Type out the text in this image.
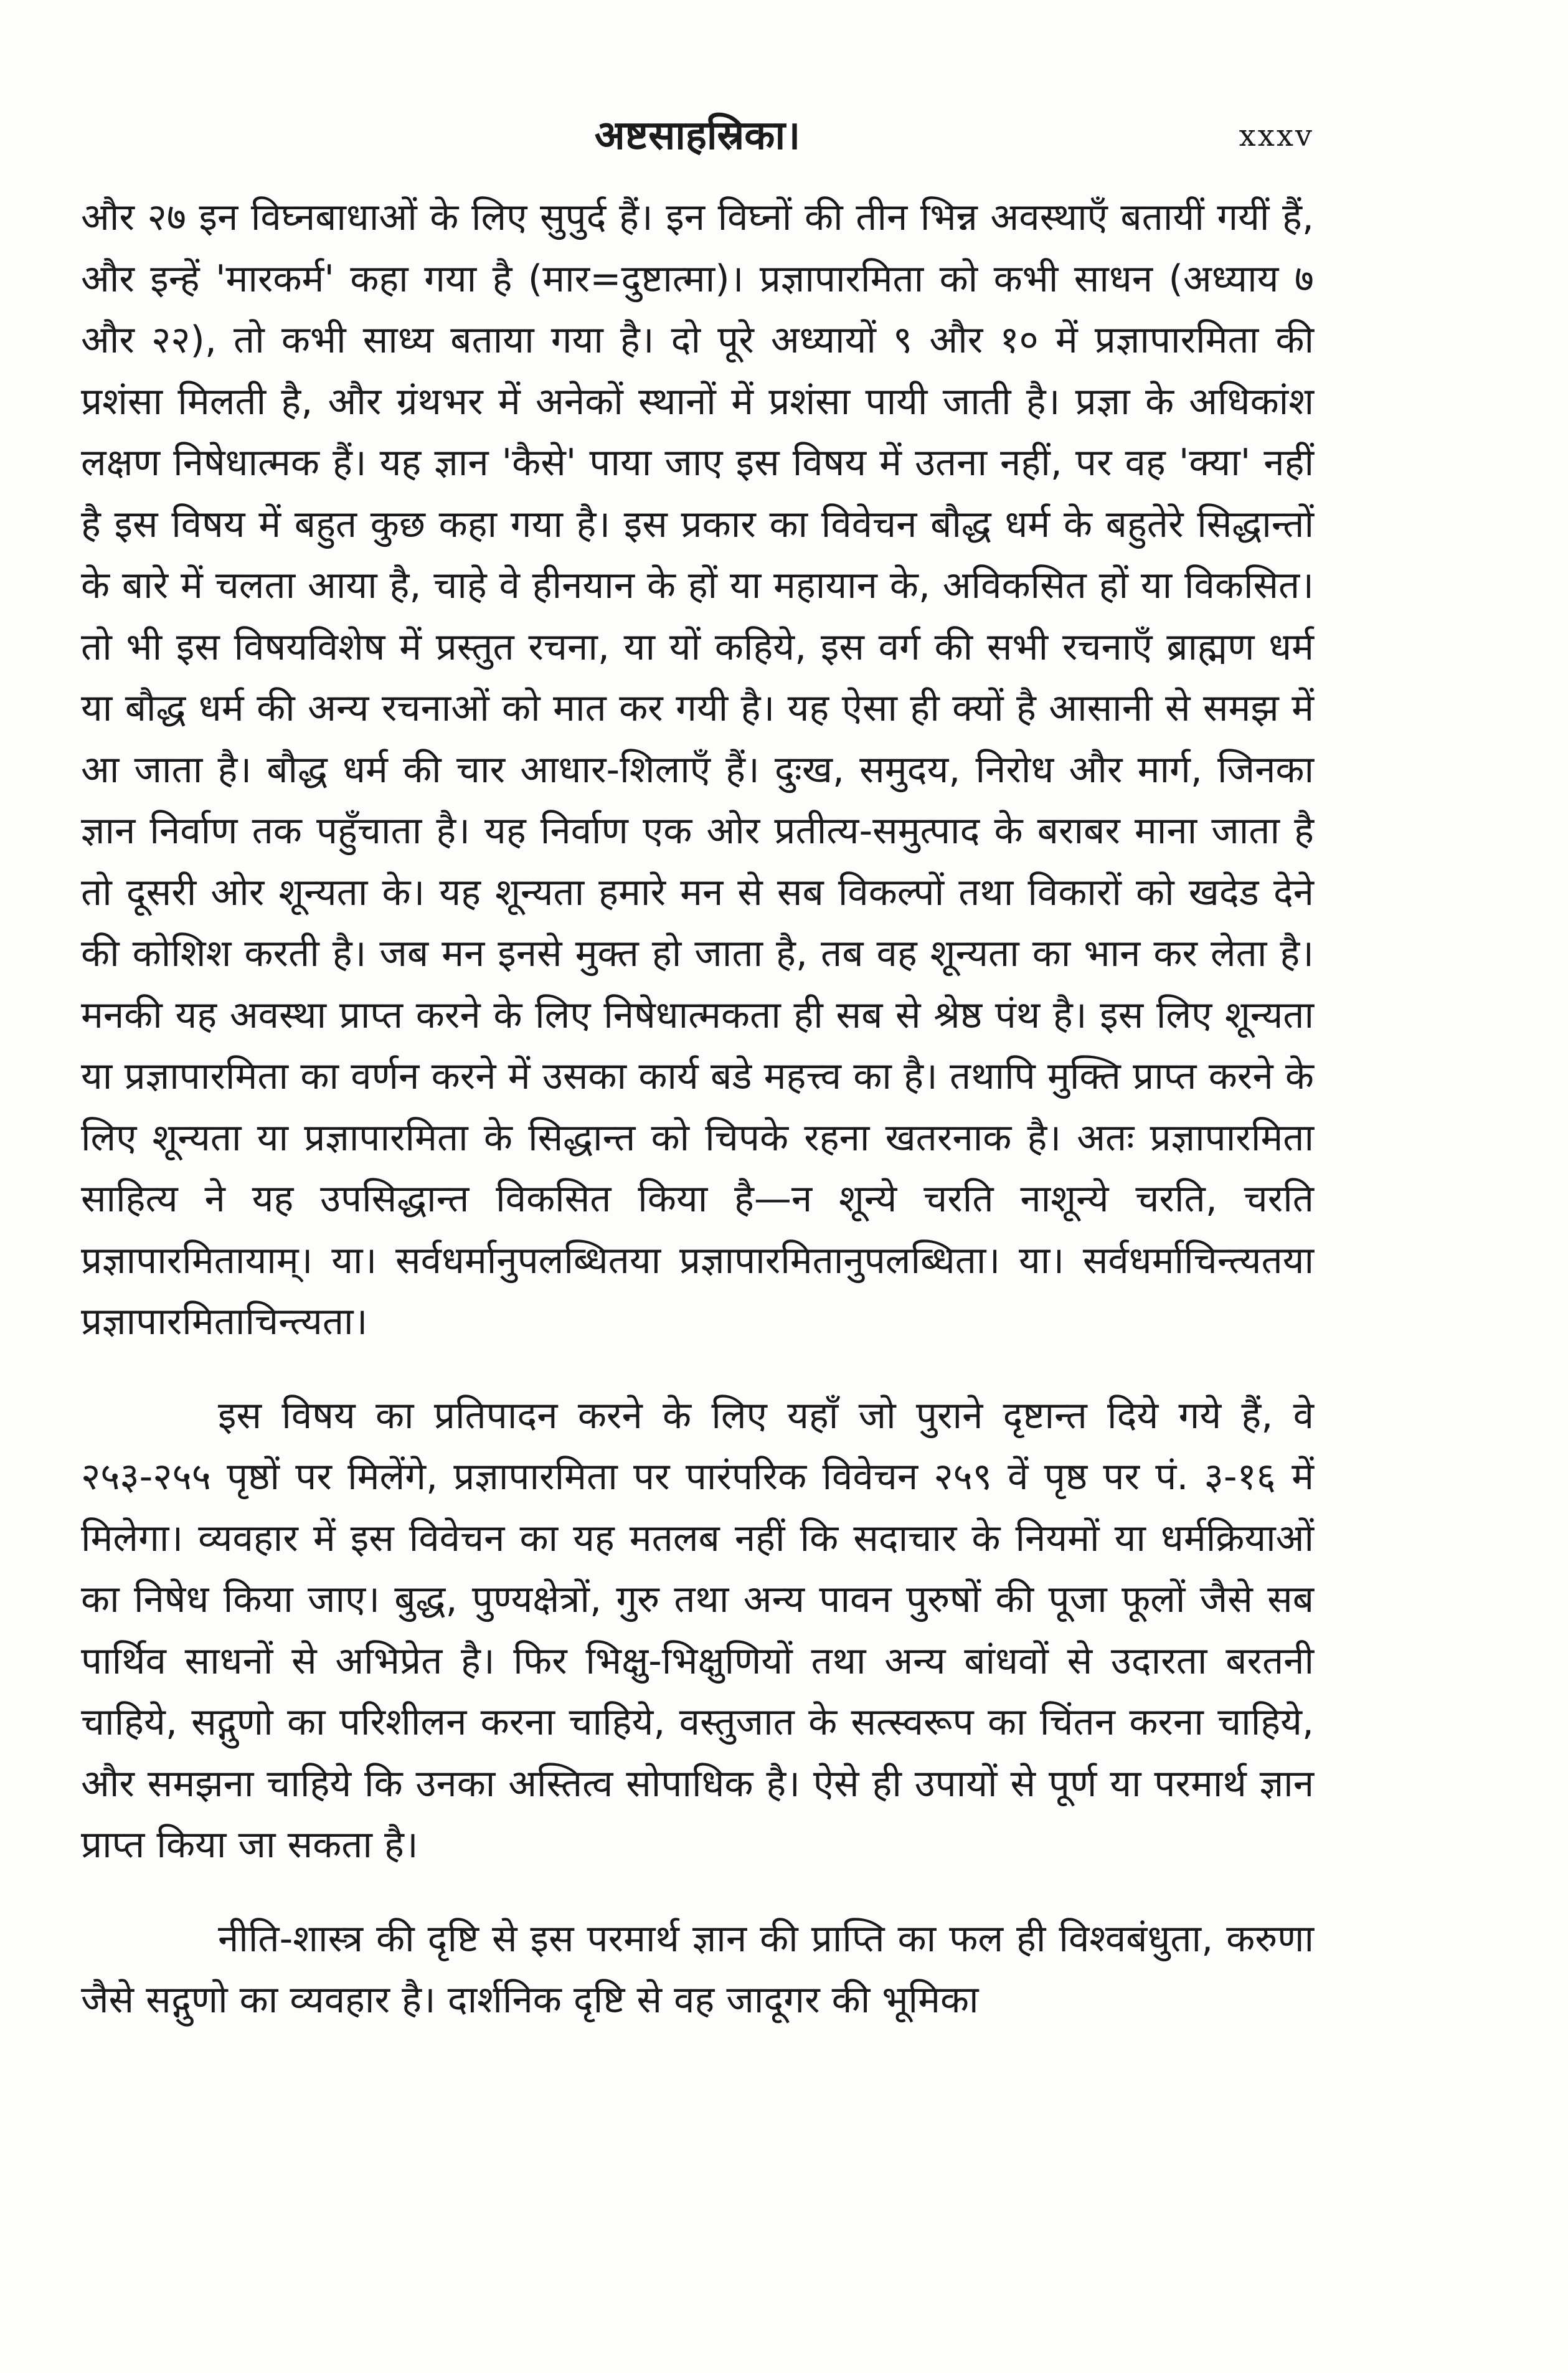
अष्टसाहस्रिका।	xxxv

और २७ इन विघ्नबाधाओं के लिए सुपुर्द हैं। इन विघ्नों की तीन भिन्न अवस्थाएँ बतायीं गयीं हैं, और इन्हें 'मारकर्म' कहा गया है (मार=दुष्टात्मा)। प्रज्ञापारमिता को कभी साधन (अध्याय ७ और २२), तो कभी साध्य बताया गया है। दो पूरे अध्यायों ९ और १० में प्रज्ञापारमिता की प्रशंसा मिलती है, और ग्रंथभर में अनेकों स्थानों में प्रशंसा पायी जाती है। प्रज्ञा के अधिकांश लक्षण निषेधात्मक हैं। यह ज्ञान 'कैसे' पाया जाए इस विषय में उतना नहीं, पर वह 'क्या' नहीं है इस विषय में बहुत कुछ कहा गया है। इस प्रकार का विवेचन बौद्ध धर्म के बहुतेरे सिद्धान्तों के बारे में चलता आया है, चाहे वे हीनयान के हों या महायान के, अविकसित हों या विकसित। तो भी इस विषयविशेष में प्रस्तुत रचना, या यों कहिये, इस वर्ग की सभी रचनाएँ ब्राह्मण धर्म या बौद्ध धर्म की अन्य रचनाओं को मात कर गयी है। यह ऐसा ही क्यों है आसानी से समझ में आ जाता है। बौद्ध धर्म की चार आधार-शिलाएँ हैं। दुःख, समुदय, निरोध और मार्ग, जिनका ज्ञान निर्वाण तक पहुँचाता है। यह निर्वाण एक ओर प्रतीत्य-समुत्पाद के बराबर माना जाता है तो दूसरी ओर शून्यता के। यह शून्यता हमारे मन से सब विकल्पों तथा विकारों को खदेड देने की कोशिश करती है। जब मन इनसे मुक्त हो जाता है, तब वह शून्यता का भान कर लेता है। मनकी यह अवस्था प्राप्त करने के लिए निषेधात्मकता ही सब से श्रेष्ठ पंथ है। इस लिए शून्यता या प्रज्ञापारमिता का वर्णन करने में उसका कार्य बडे महत्त्व का है। तथापि मुक्ति प्राप्त करने के लिए शून्यता या प्रज्ञापारमिता के सिद्धान्त को चिपके रहना खतरनाक है। अतः प्रज्ञापारमिता साहित्य ने यह उपसिद्धान्त विकसित किया है—न शून्ये चरति नाशून्ये चरति, चरति प्रज्ञापारमितायाम्। या। सर्वधर्मानुपलब्धितया प्रज्ञापारमितानुपलब्धिता। या। सर्वधर्माचिन्त्यतया प्रज्ञापारमिताचिन्त्यता।

इस विषय का प्रतिपादन करने के लिए यहाँ जो पुराने दृष्टान्त दिये गये हैं, वे २५३-२५५ पृष्ठों पर मिलेंगे, प्रज्ञापारमिता पर पारंपरिक विवेचन २५९ वें पृष्ठ पर पं. ३-१६ में मिलेगा। व्यवहार में इस विवेचन का यह मतलब नहीं कि सदाचार के नियमों या धर्मक्रियाओं का निषेध किया जाए। बुद्ध, पुण्यक्षेत्रों, गुरु तथा अन्य पावन पुरुषों की पूजा फूलों जैसे सब पार्थिव साधनों से अभिप्रेत है। फिर भिक्षु-भिक्षुणियों तथा अन्य बांधवों से उदारता बरतनी चाहिये, सद्गुणो का परिशीलन करना चाहिये, वस्तुजात के सत्स्वरूप का चिंतन करना चाहिये, और समझना चाहिये कि उनका अस्तित्व सोपाधिक है। ऐसे ही उपायों से पूर्ण या परमार्थ ज्ञान प्राप्त किया जा सकता है।

नीति-शास्त्र की दृष्टि से इस परमार्थ ज्ञान की प्राप्ति का फल ही विश्वबंधुता, करुणा जैसे सद्गुणो का व्यवहार है। दार्शनिक दृष्टि से वह जादूगर की भूमिका
